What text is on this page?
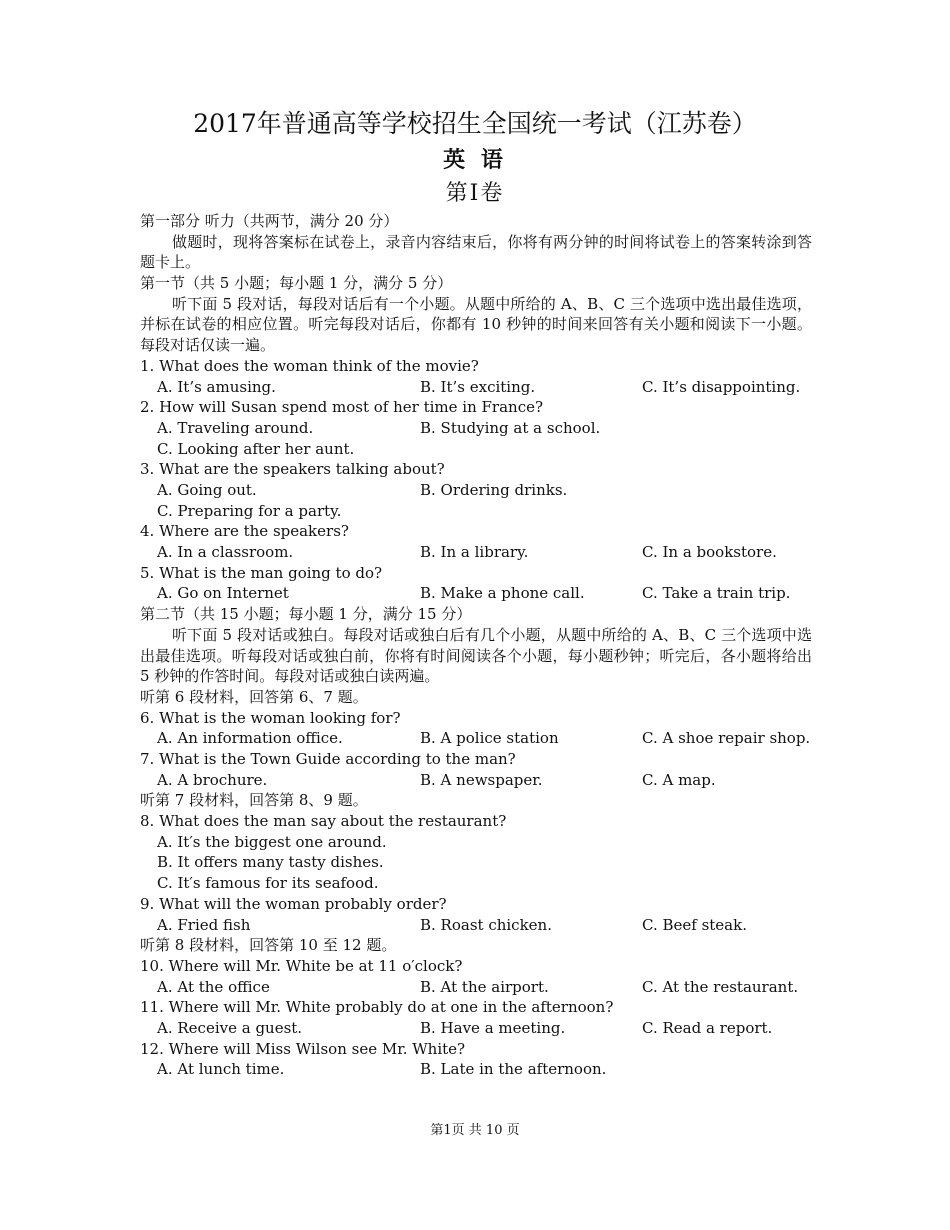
2017年普通高等学校招生全国统一考试（江苏卷）
英 语
第Ⅰ卷
第一部分 听力（共两节，满分 20 分）
做题时，现将答案标在试卷上，录音内容结束后，你将有两分钟的时间将试卷上的答案转涂到答题卡上。
第一节（共 5 小题；每小题 1 分，满分 5 分）
听下面 5 段对话，每段对话后有一个小题。从题中所给的 A、B、C 三个选项中选出最佳选项，并标在试卷的相应位置。听完每段对话后，你都有 10 秒钟的时间来回答有关小题和阅读下一小题。每段对话仅读一遍。
1. What does the woman think of the movie?
A. It’s amusing.	B. It’s exciting.	C. It’s disappointing.
2. How will Susan spend most of her time in France?
A. Traveling around.	B. Studying at a school.
C. Looking after her aunt.
3. What are the speakers talking about?
A. Going out.	B. Ordering drinks.
C. Preparing for a party.
4. Where are the speakers?
A. In a classroom.	B. In a library.	C. In a bookstore.
5. What is the man going to do?
A. Go on Internet	B. Make a phone call.	C. Take a train trip.
第二节（共 15 小题；每小题 1 分，满分 15 分）
听下面 5 段对话或独白。每段对话或独白后有几个小题，从题中所给的 A、B、C 三个选项中选出最佳选项。听每段对话或独白前，你将有时间阅读各个小题，每小题秒钟；听完后，各小题将给出 5 秒钟的作答时间。每段对话或独白读两遍。
听第 6 段材料，回答第 6、7 题。
6. What is the woman looking for?
A. An information office.	B. A police station	C. A shoe repair shop.
7. What is the Town Guide according to the man?
A. A brochure.	B. A newspaper.	C. A map.
听第 7 段材料，回答第 8、9 题。
8. What does the man say about the restaurant?
A. It′s the biggest one around.
B. It offers many tasty dishes.
C. It′s famous for its seafood.
9. What will the woman probably order?
A. Fried fish	B. Roast chicken.	C. Beef steak.
听第 8 段材料，回答第 10 至 12 题。
10. Where will Mr. White be at 11 o′clock?
A. At the office	B. At the airport.	C. At the restaurant.
11. Where will Mr. White probably do at one in the afternoon?
A. Receive a guest.	B. Have a meeting.	C. Read a report.
12. Where will Miss Wilson see Mr. White?
A. At lunch time.	B. Late in the afternoon.
第1页 共 10 页
